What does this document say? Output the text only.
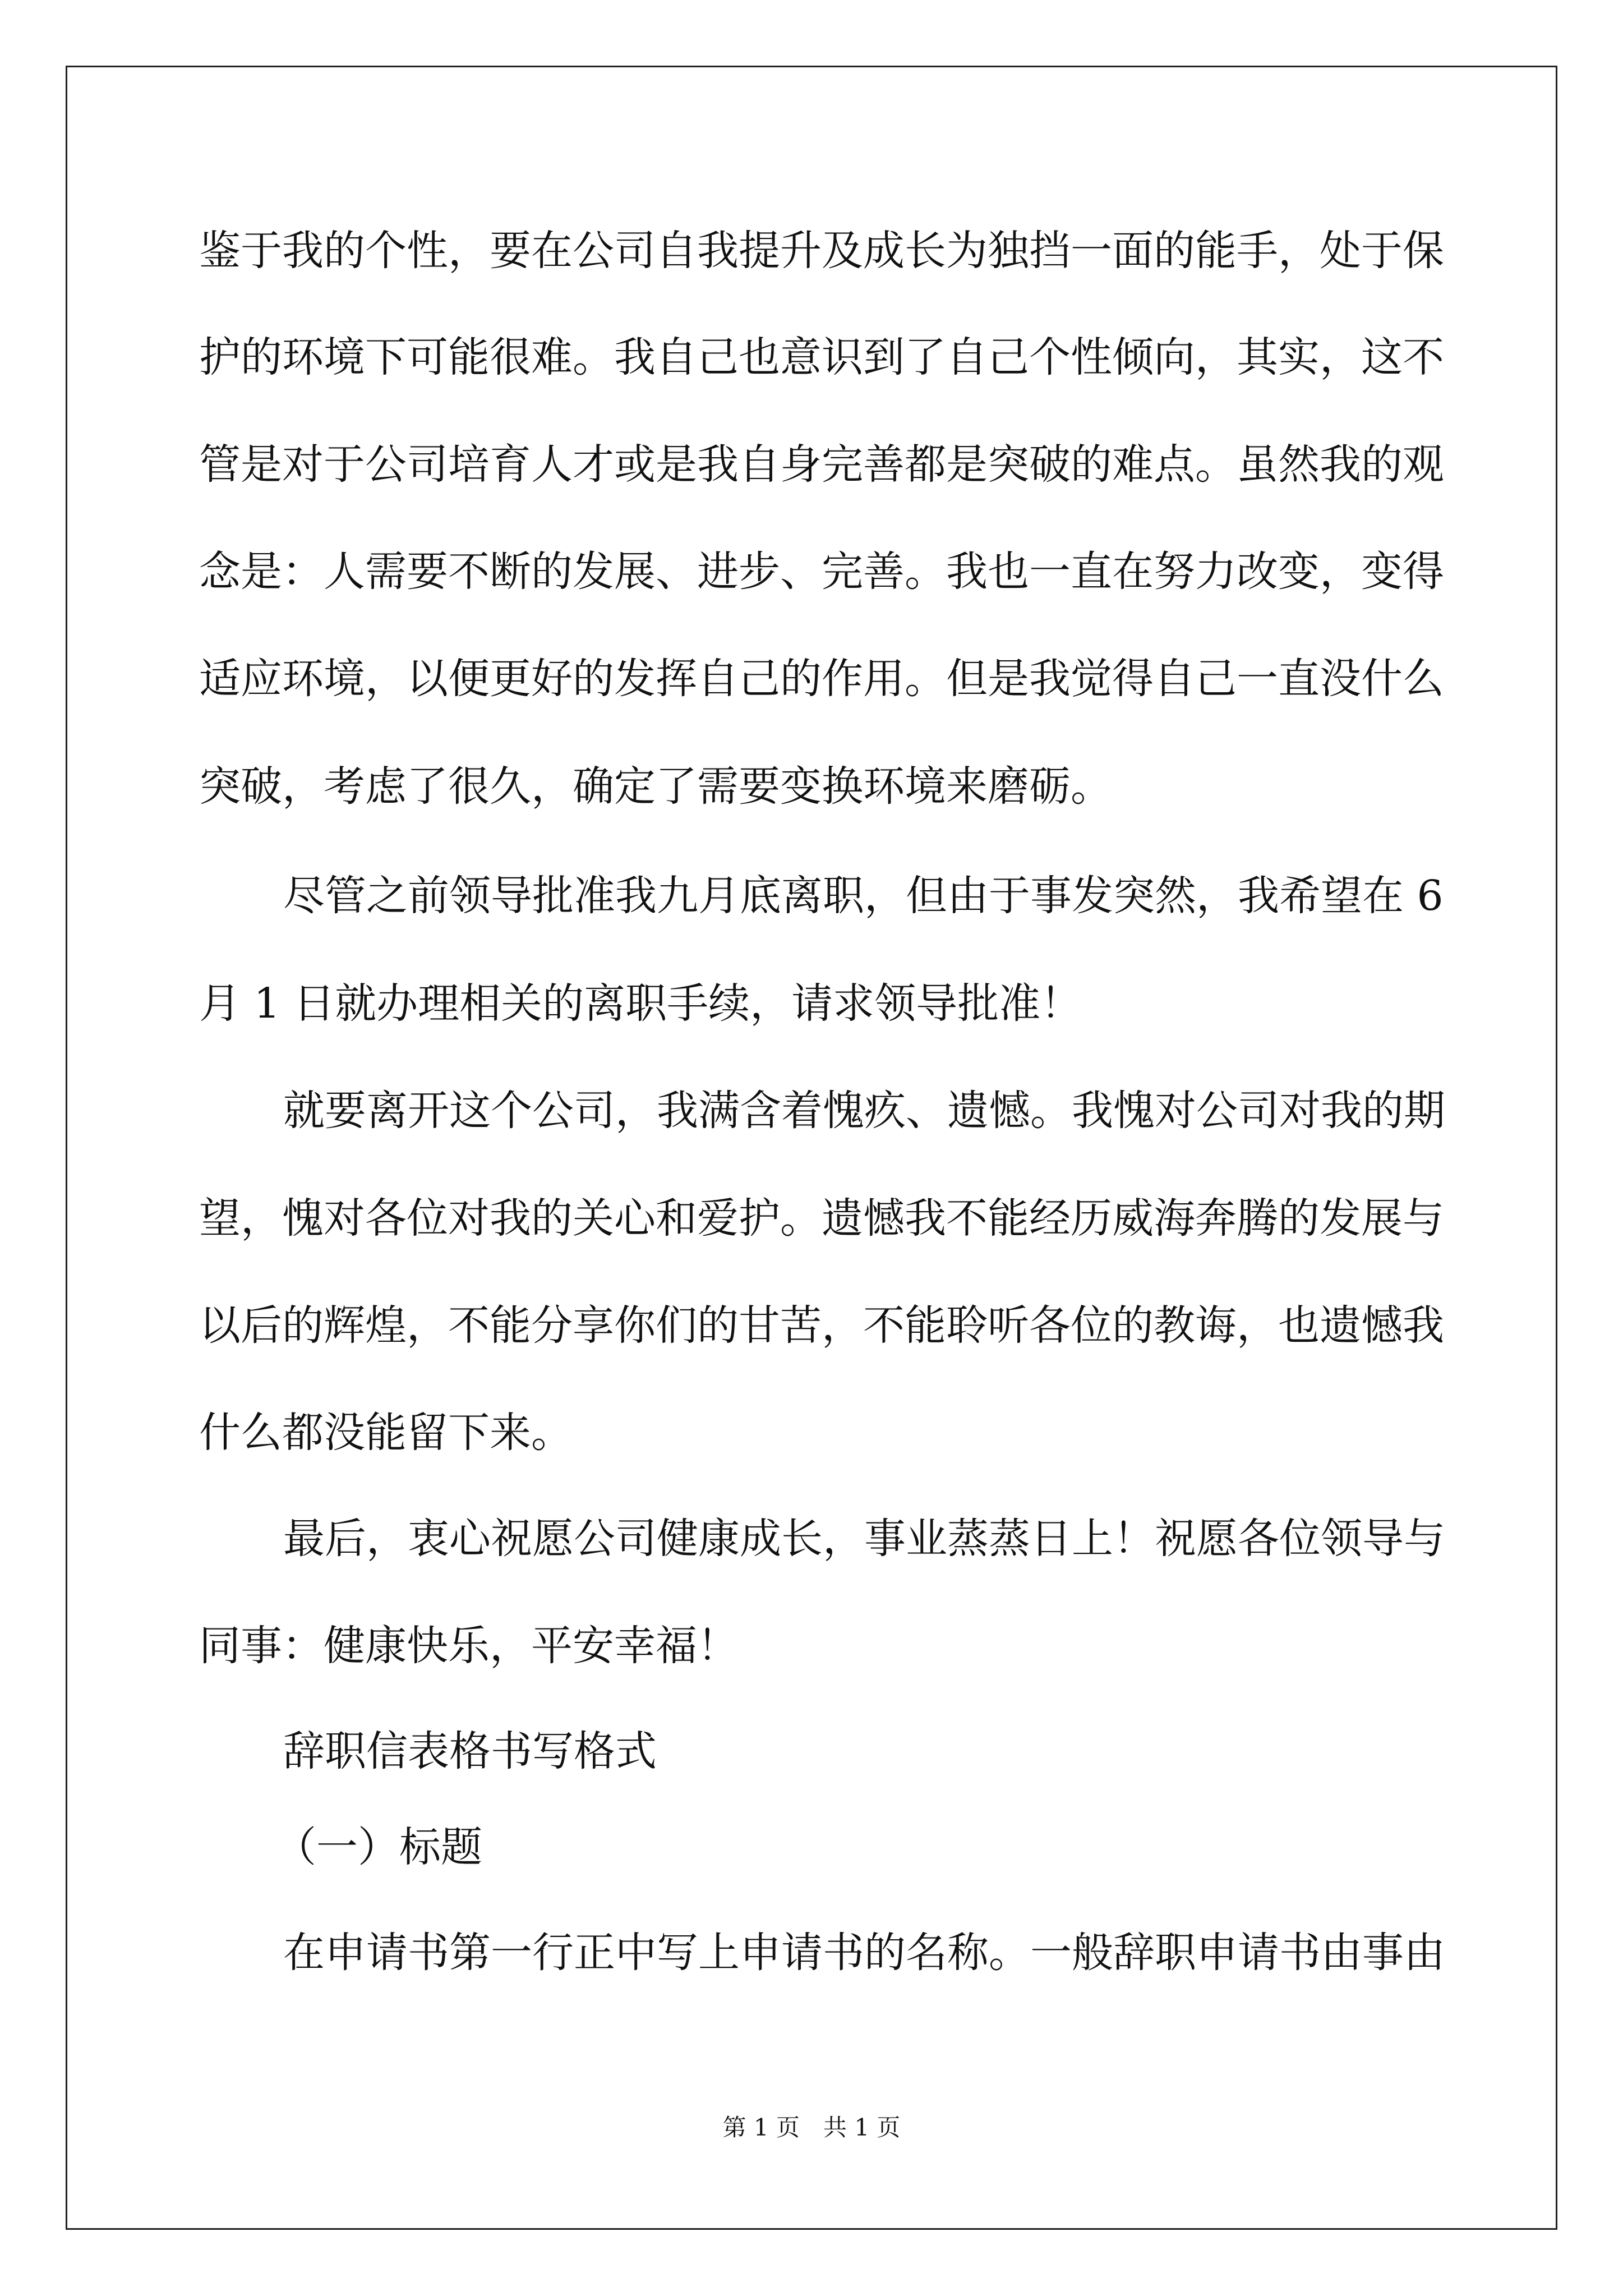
鉴于我的个性，要在公司自我提升及成长为独挡一面的能手，处于保
护的环境下可能很难。我自己也意识到了自己个性倾向，其实，这不
管是对于公司培育人才或是我自身完善都是突破的难点。虽然我的观
念是：人需要不断的发展、进步、完善。我也一直在努力改变，变得
适应环境，以便更好的发挥自己的作用。但是我觉得自己一直没什么
突破，考虑了很久，确定了需要变换环境来磨砺。
尽管之前领导批准我九月底离职，但由于事发突然，我希望在 6
月 1 日就办理相关的离职手续，请求领导批准！
就要离开这个公司，我满含着愧疚、遗憾。我愧对公司对我的期
望，愧对各位对我的关心和爱护。遗憾我不能经历威海奔腾的发展与
以后的辉煌，不能分享你们的甘苦，不能聆听各位的教诲，也遗憾我
什么都没能留下来。
最后，衷心祝愿公司健康成长，事业蒸蒸日上！祝愿各位领导与
同事：健康快乐，平安幸福！
辞职信表格书写格式
（一）标题
在申请书第一行正中写上申请书的名称。一般辞职申请书由事由
第 1 页　共 1 页
